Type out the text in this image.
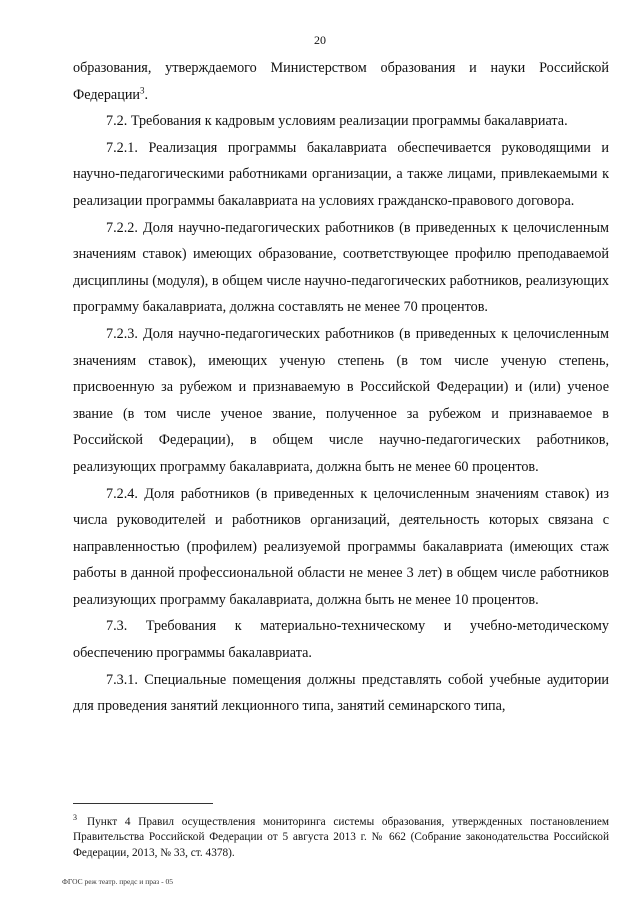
20

образования, утверждаемого Министерством образования и науки Российской Федерации$^3$.

7.2. Требования к кадровым условиям реализации программы бакалавриата.

7.2.1. Реализация программы бакалавриата обеспечивается руководящими и научно-педагогическими работниками организации, а также лицами, привлекаемыми к реализации программы бакалавриата на условиях гражданско-правового договора.

7.2.2. Доля научно-педагогических работников (в приведенных к целочисленным значениям ставок) имеющих образование, соответствующее профилю преподаваемой дисциплины (модуля), в общем числе научно-педагогических работников, реализующих программу бакалавриата, должна составлять не менее 70 процентов.

7.2.3. Доля научно-педагогических работников (в приведенных к целочисленным значениям ставок), имеющих ученую степень (в том числе ученую степень, присвоенную за рубежом и признаваемую в Российской Федерации) и (или) ученое звание (в том числе ученое звание, полученное за рубежом и признаваемое в Российской Федерации), в общем числе научно-педагогических работников, реализующих программу бакалавриата, должна быть не менее 60 процентов.

7.2.4. Доля работников (в приведенных к целочисленным значениям ставок) из числа руководителей и работников организаций, деятельность которых связана с направленностью (профилем) реализуемой программы бакалавриата (имеющих стаж работы в данной профессиональной области не менее 3 лет) в общем числе работников реализующих программу бакалавриата, должна быть не менее 10 процентов.

7.3. Требования к материально-техническому и учебно-методическому обеспечению программы бакалавриата.

7.3.1. Специальные помещения должны представлять собой учебные аудитории для проведения занятий лекционного типа, занятий семинарского типа,

$^3$ Пункт 4 Правил осуществления мониторинга системы образования, утвержденных постановлением Правительства Российской Федерации от 5 августа 2013 г. № 662 (Собрание законодательства Российской Федерации, 2013, № 33, ст. 4378).
ФГОС реж театр. предс и праз - 05
